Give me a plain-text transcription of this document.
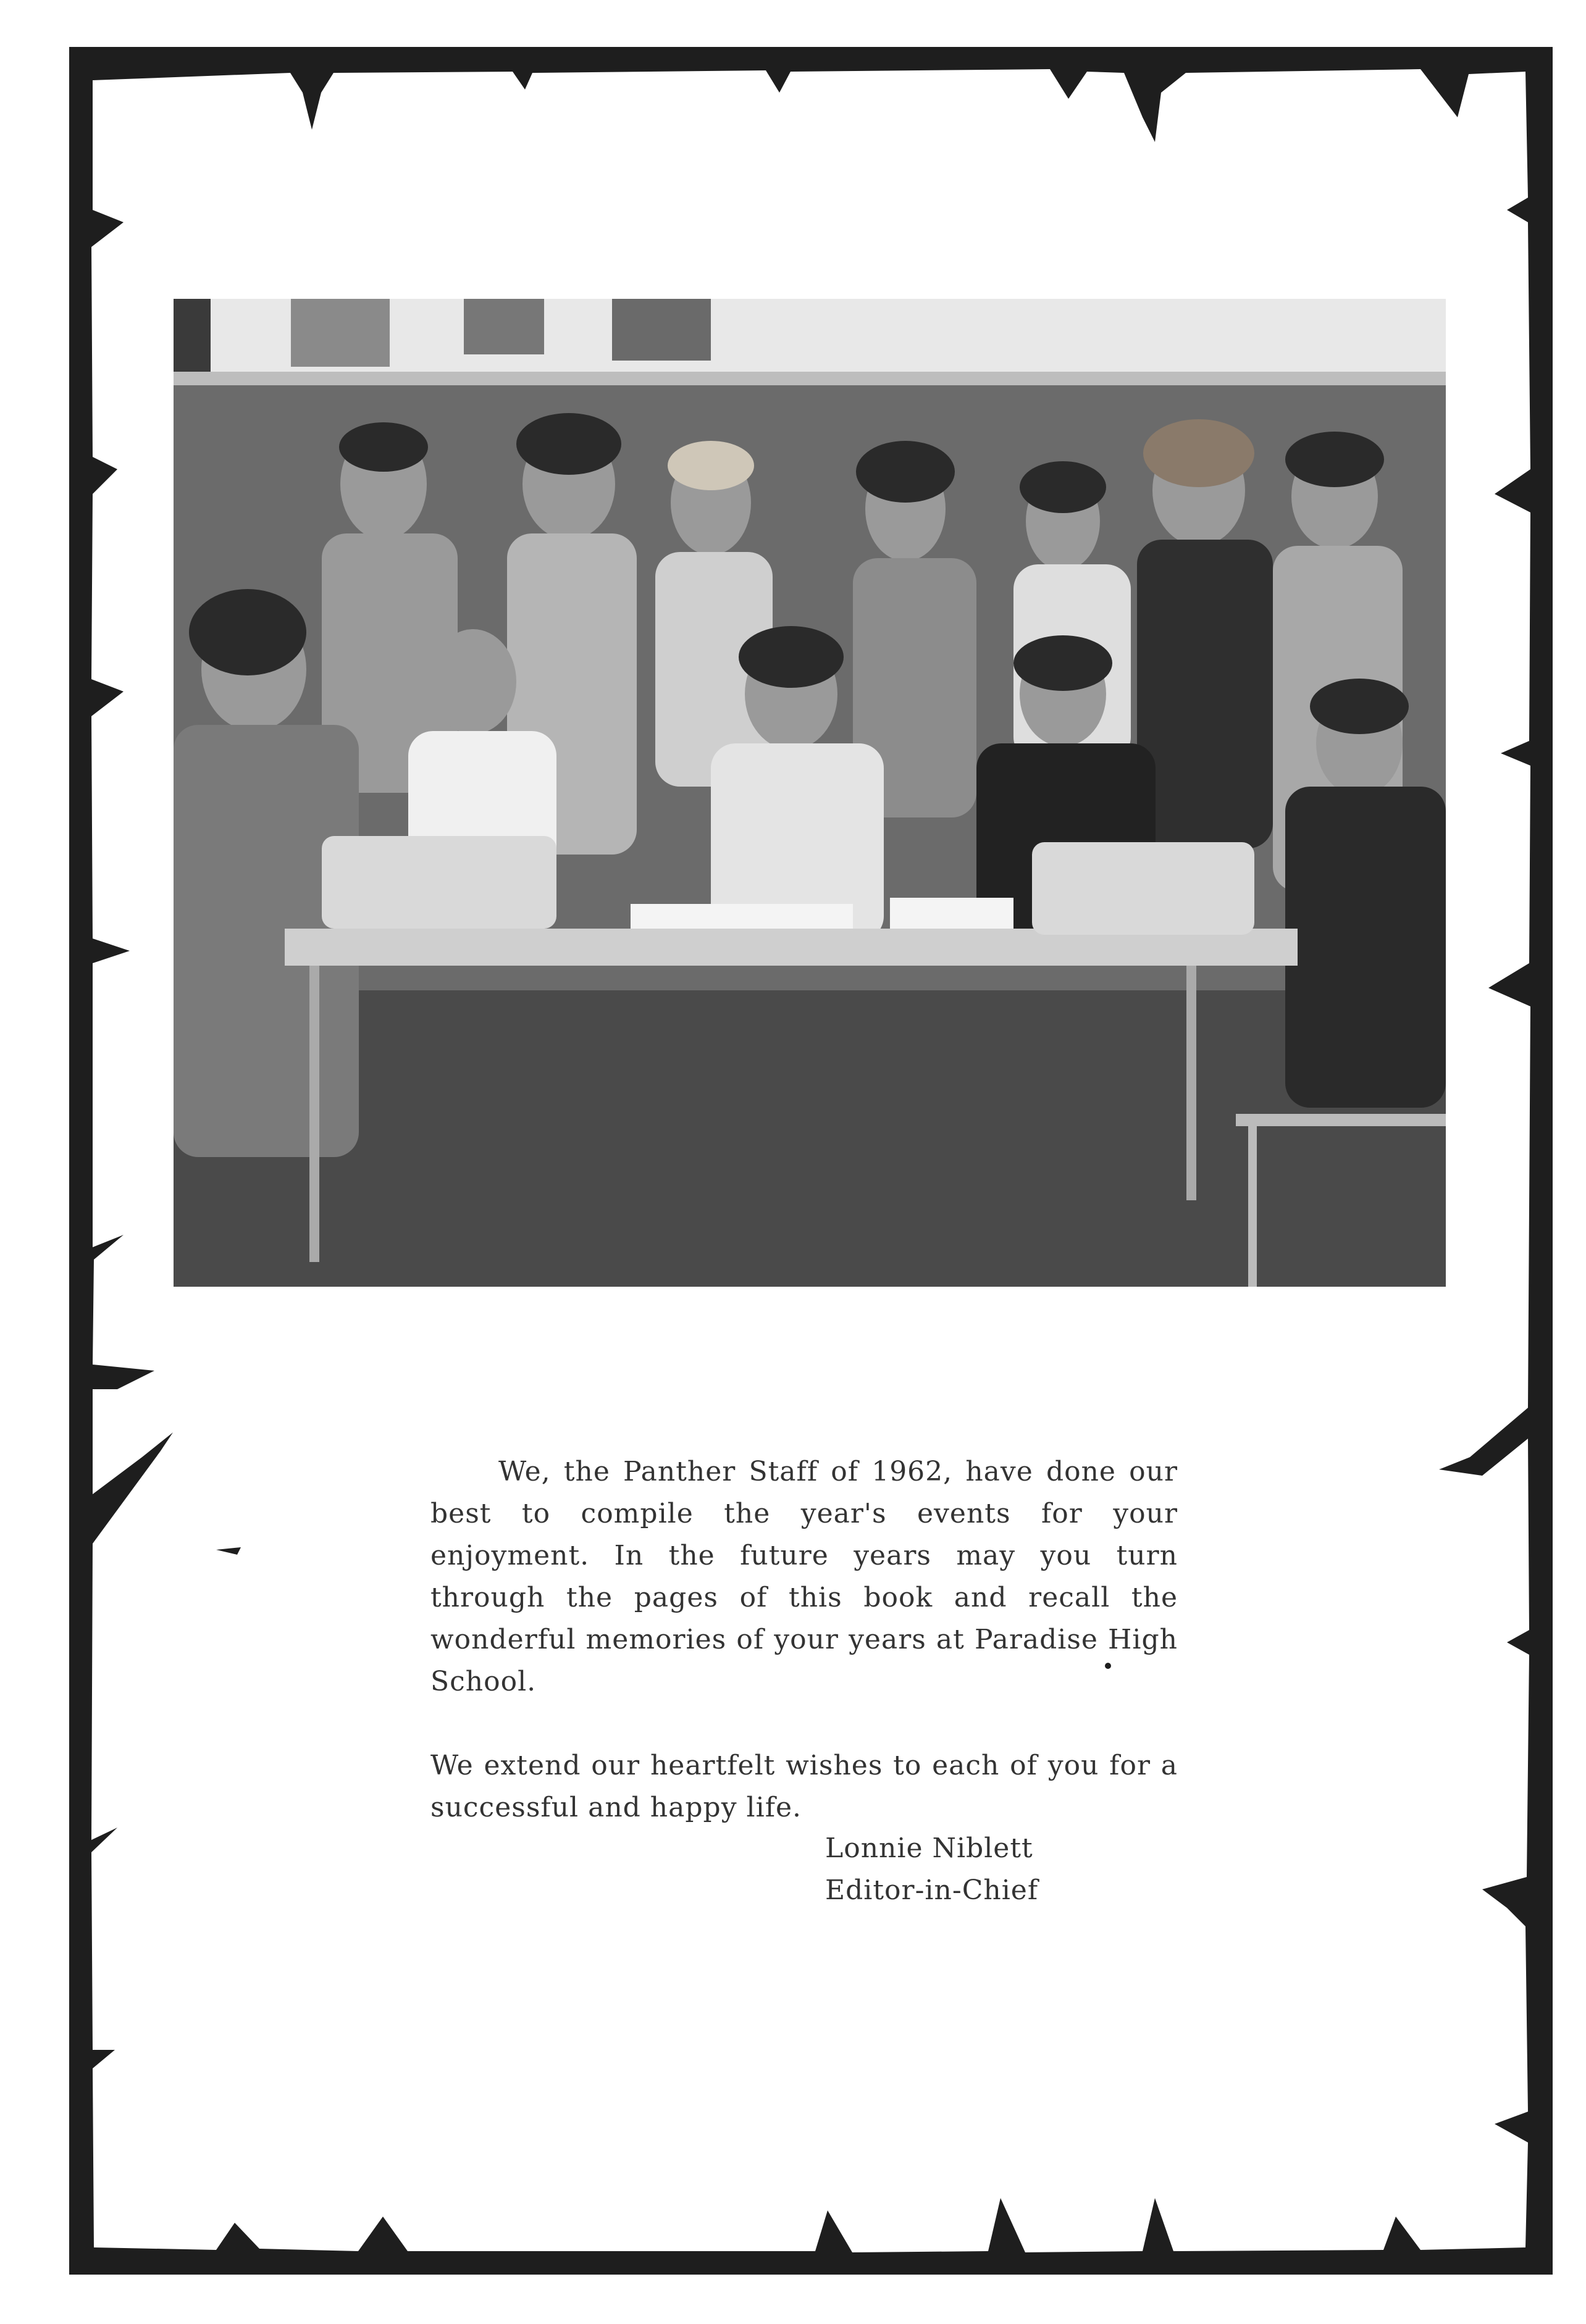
We, the Panther Staff of 1962, have done our best to compile the year's events for your enjoyment. In the future years may you turn through the pages of this book and recall the wonderful memories of your years at Paradise High School.

We extend our heartfelt wishes to each of you for a successful and happy life.

Lonnie Niblett
Editor-in-Chief
